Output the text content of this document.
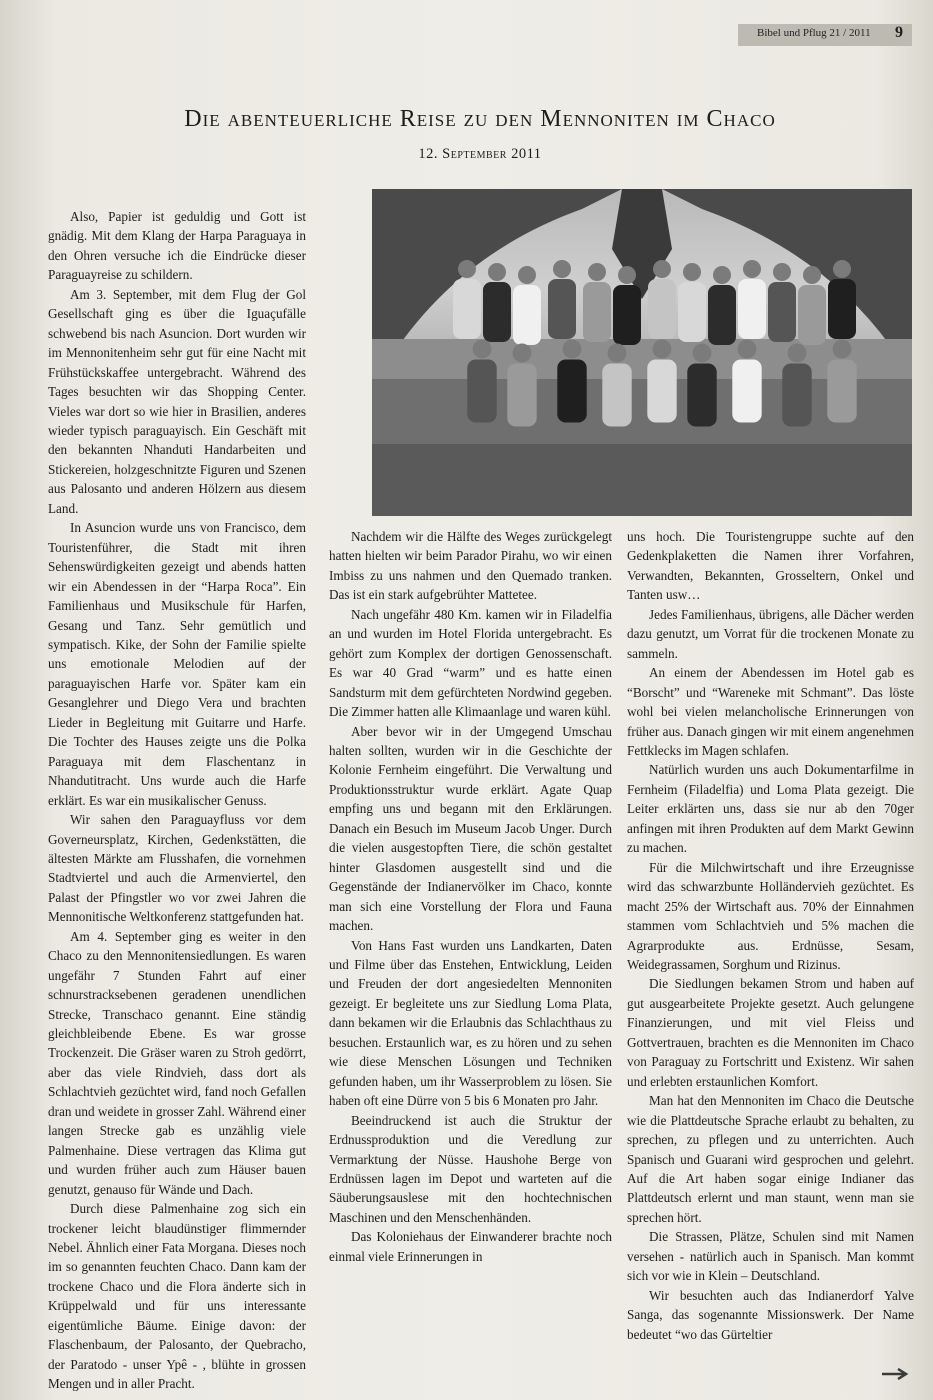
Bibel und Pflug 21 / 2011 9
Die abenteuerliche Reise zu den Mennoniten im Chaco
12. September 2011

Also, Papier ist geduldig und Gott ist gnädig. Mit dem Klang der Harpa Paraguaya in den Ohren versuche ich die Eindrücke dieser Paraguayreise zu schildern.

Am 3. September, mit dem Flug der Gol Gesellschaft ging es über die Iguaçufälle schwebend bis nach Asuncion. Dort wurden wir im Mennonitenheim sehr gut für eine Nacht mit Frühstückskaffee untergebracht. Während des Tages besuchten wir das Shopping Center. Vieles war dort so wie hier in Brasilien, anderes wieder typisch paraguayisch. Ein Geschäft mit den bekannten Nhanduti Handarbeiten und Stickereien, holzgeschnitzte Figuren und Szenen aus Palosanto und anderen Hölzern aus diesem Land.

In Asuncion wurde uns von Francisco, dem Touristenführer, die Stadt mit ihren Sehenswürdigkeiten gezeigt und abends hatten wir ein Abendessen in der “Harpa Roca”. Ein Familienhaus und Musikschule für Harfen, Gesang und Tanz. Sehr gemütlich und sympatisch. Kike, der Sohn der Familie spielte uns emotionale Melodien auf der paraguayischen Harfe vor. Später kam ein Gesanglehrer und Diego Vera und brachten Lieder in Begleitung mit Guitarre und Harfe. Die Tochter des Hauses zeigte uns die Polka Paraguaya mit dem Flaschentanz in Nhandutitracht. Uns wurde auch die Harfe erklärt. Es war ein musikalischer Genuss.

Wir sahen den Paraguayfluss vor dem Governeursplatz, Kirchen, Gedenkstätten, die ältesten Märkte am Flusshafen, die vornehmen Stadtviertel und auch die Armenviertel, den Palast der Pfingstler wo vor zwei Jahren die Mennonitische Weltkonferenz stattgefunden hat.

Am 4. September ging es weiter in den Chaco zu den Mennonitensiedlungen. Es waren ungefähr 7 Stunden Fahrt auf einer schnurstracksebenen geradenen unendlichen Strecke, Transchaco genannt. Eine ständig gleichbleibende Ebene. Es war grosse Trockenzeit. Die Gräser waren zu Stroh gedörrt, aber das viele Rindvieh, dass dort als Schlachtvieh gezüchtet wird, fand noch Gefallen dran und weidete in grosser Zahl. Während einer langen Strecke gab es unzählig viele Palmenhaine. Diese vertragen das Klima gut und wurden früher auch zum Häuser bauen genutzt, genauso für Wände und Dach.

Durch diese Palmenhaine zog sich ein trockener leicht blaudünstiger flimmernder Nebel. Ähnlich einer Fata Morgana. Dieses noch im so genannten feuchten Chaco. Dann kam der trockene Chaco und die Flora änderte sich in Krüppelwald und für uns interessante eigentümliche Bäume. Einige davon: der Flaschenbaum, der Palosanto, der Quebracho, der Paratodo - unser Ypê - , blühte in grossen Mengen und in aller Pracht.

Nachdem wir die Hälfte des Weges zurückgelegt hatten hielten wir beim Parador Pirahu, wo wir einen Imbiss zu uns nahmen und den Quemado tranken. Das ist ein stark aufgebrühter Mattetee.

Nach ungefähr 480 Km. kamen wir in Filadelfia an und wurden im Hotel Florida untergebracht. Es gehört zum Komplex der dortigen Genossenschaft. Es war 40 Grad “warm” und es hatte einen Sandsturm mit dem gefürchteten Nordwind gegeben. Die Zimmer hatten alle Klimaanlage und waren kühl.

Aber bevor wir in der Umgegend Umschau halten sollten, wurden wir in die Geschichte der Kolonie Fernheim eingeführt. Die Verwaltung und Produktionsstruktur wurde erklärt. Agate Quap empfing uns und begann mit den Erklärungen. Danach ein Besuch im Museum Jacob Unger. Durch die vielen ausgestopften Tiere, die schön gestaltet hinter Glasdomen ausgestellt sind und die Gegenstände der Indianervölker im Chaco, konnte man sich eine Vorstellung der Flora und Fauna machen.

Von Hans Fast wurden uns Landkarten, Daten und Filme über das Enstehen, Entwicklung, Leiden und Freuden der dort angesiedelten Mennoniten gezeigt. Er begleitete uns zur Siedlung Loma Plata, dann bekamen wir die Erlaubnis das Schlachthaus zu besuchen. Erstaunlich war, es zu hören und zu sehen wie diese Menschen Lösungen und Techniken gefunden haben, um ihr Wasserproblem zu lösen. Sie haben oft eine Dürre von 5 bis 6 Monaten pro Jahr.

Beeindruckend ist auch die Struktur der Erdnussproduktion und die Veredlung zur Vermarktung der Nüsse. Haushohe Berge von Erdnüssen lagen im Depot und warteten auf die Säuberungsauslese mit den hochtechnischen Maschinen und den Menschenhänden.

Das Koloniehaus der Einwanderer brachte noch einmal viele Erinnerungen in

uns hoch. Die Touristengruppe suchte auf den Gedenkplaketten die Namen ihrer Vorfahren, Verwandten, Bekannten, Grosseltern, Onkel und Tanten usw…

Jedes Familienhaus, übrigens, alle Dächer werden dazu genutzt, um Vorrat für die trockenen Monate zu sammeln.

An einem der Abendessen im Hotel gab es “Borscht” und “Wareneke mit Schmant”. Das löste wohl bei vielen melancholische Erinnerungen von früher aus. Danach gingen wir mit einem angenehmen Fettklecks im Magen schlafen.

Natürlich wurden uns auch Dokumentarfilme in Fernheim (Filadelfia) und Loma Plata gezeigt. Die Leiter erklärten uns, dass sie nur ab den 70ger anfingen mit ihren Produkten auf dem Markt Gewinn zu machen.

Für die Milchwirtschaft und ihre Erzeugnisse wird das schwarzbunte Holländervieh gezüchtet. Es macht 25% der Wirtschaft aus. 70% der Einnahmen stammen vom Schlachtvieh und 5% machen die Agrarprodukte aus. Erdnüsse, Sesam, Weidegrassamen, Sorghum und Rizinus.

Die Siedlungen bekamen Strom und haben auf gut ausgearbeitete Projekte gesetzt. Auch gelungene Finanzierungen, und mit viel Fleiss und Gottvertrauen, brachten es die Mennoniten im Chaco von Paraguay zu Fortschritt und Existenz. Wir sahen und erlebten erstaunlichen Komfort.

Man hat den Mennoniten im Chaco die Deutsche wie die Plattdeutsche Sprache erlaubt zu behalten, zu sprechen, zu pflegen und zu unterrichten. Auch Spanisch und Guarani wird gesprochen und gelehrt. Auf die Art haben sogar einige Indianer das Plattdeutsch erlernt und man staunt, wenn man sie sprechen hört.

Die Strassen, Plätze, Schulen sind mit Namen versehen - natürlich auch in Spanisch. Man kommt sich vor wie in Klein – Deutschland.

Wir besuchten auch das Indianerdorf Yalve Sanga, das sogenannte Missionswerk. Der Name bedeutet “wo das Gürteltier
